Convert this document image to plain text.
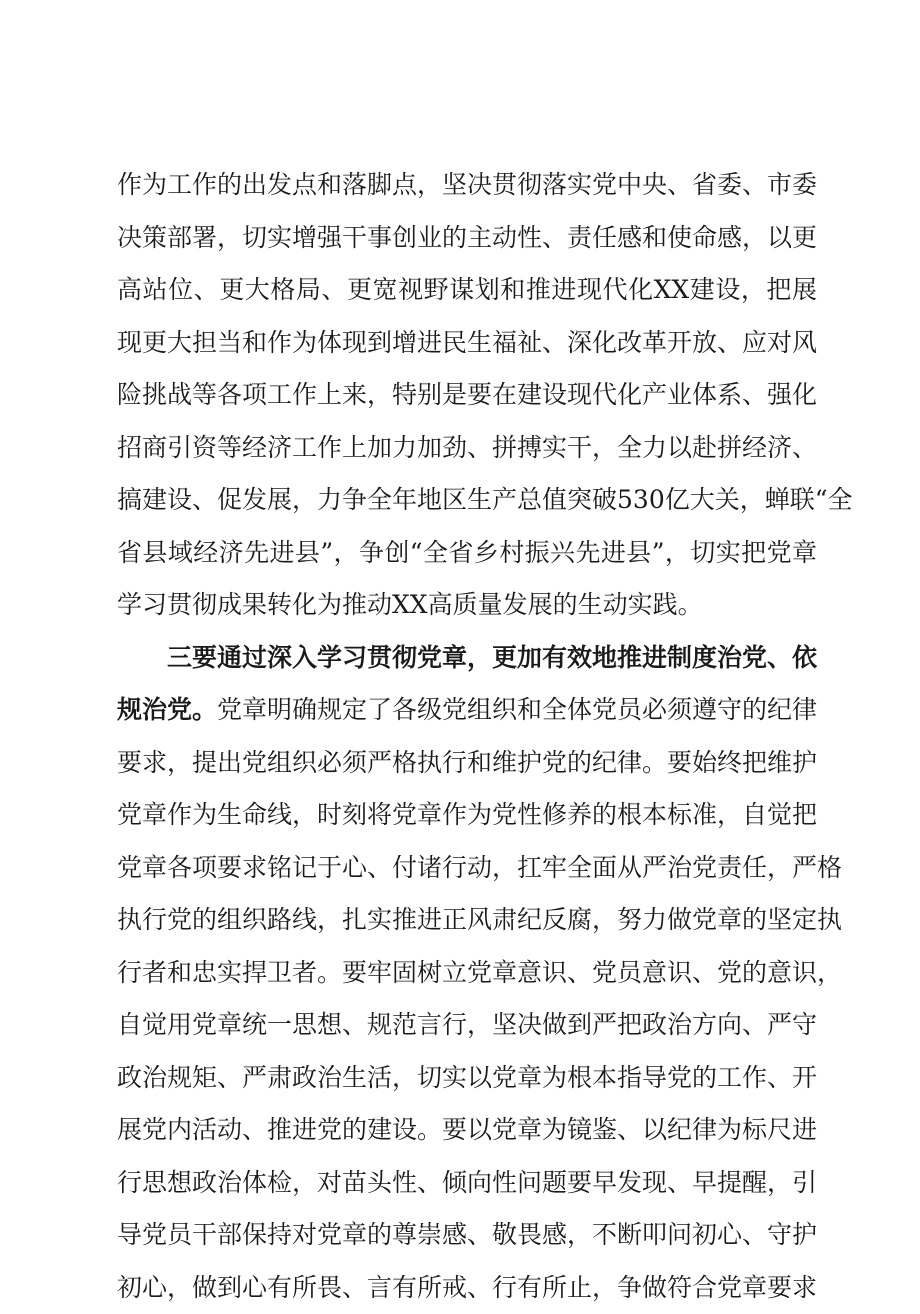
作为工作的出发点和落脚点，坚决贯彻落实党中央、省委、市委
决策部署，切实增强干事创业的主动性、责任感和使命感，以更
高站位、更大格局、更宽视野谋划和推进现代化XX建设，把展
现更大担当和作为体现到增进民生福祉、深化改革开放、应对风
险挑战等各项工作上来，特别是要在建设现代化产业体系、强化
招商引资等经济工作上加力加劲、拼搏实干，全力以赴拼经济、
搞建设、促发展，力争全年地区生产总值突破530亿大关，蝉联“全
省县域经济先进县”，争创“全省乡村振兴先进县”，切实把党章
学习贯彻成果转化为推动XX高质量发展的生动实践。
三要通过深入学习贯彻党章，更加有效地推进制度治党、依
规治党。党章明确规定了各级党组织和全体党员必须遵守的纪律
要求，提出党组织必须严格执行和维护党的纪律。要始终把维护
党章作为生命线，时刻将党章作为党性修养的根本标准，自觉把
党章各项要求铭记于心、付诸行动，扛牢全面从严治党责任，严格
执行党的组织路线，扎实推进正风肃纪反腐，努力做党章的坚定执
行者和忠实捍卫者。要牢固树立党章意识、党员意识、党的意识，
自觉用党章统一思想、规范言行，坚决做到严把政治方向、严守
政治规矩、严肃政治生活，切实以党章为根本指导党的工作、开
展党内活动、推进党的建设。要以党章为镜鉴、以纪律为标尺进
行思想政治体检，对苗头性、倾向性问题要早发现、早提醒，引
导党员干部保持对党章的尊崇感、敬畏感，不断叩问初心、守护
初心，做到心有所畏、言有所戒、行有所止，争做符合党章要求
